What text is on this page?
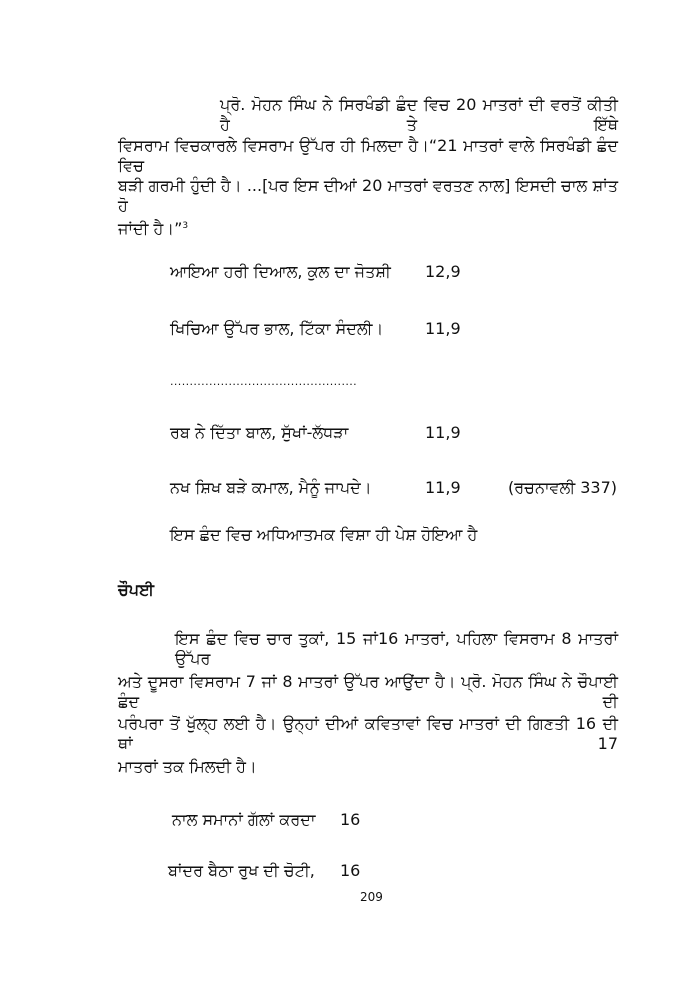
ਪ੍ਰੋ. ਮੋਹਨ ਸਿੰਘ ਨੇ ਸਿਰਖੰਡੀ ਛੰਦ ਵਿਚ 20 ਮਾਤਰਾਂ ਦੀ ਵਰਤੋਂ ਕੀਤੀ ਹੈ ਤੇ ਇੱਥੇ
ਵਿਸਰਾਮ ਵਿਚਕਾਰਲੇ ਵਿਸਰਾਮ ਉੱਪਰ ਹੀ ਮਿਲਦਾ ਹੈ।“21 ਮਾਤਰਾਂ ਵਾਲੇ ਸਿਰਖੰਡੀ ਛੰਦ ਵਿਚ
ਬੜੀ ਗਰਮੀ ਹੁੰਦੀ ਹੈ। ...[ਪਰ ਇਸ ਦੀਆਂ 20 ਮਾਤਰਾਂ ਵਰਤਣ ਨਾਲ] ਇਸਦੀ ਚਾਲ ਸ਼ਾਂਤ ਹੋ
ਜਾਂਦੀ ਹੈ।”$^3$
ਆਇਆ ਹਰੀ ਦਿਆਲ, ਕੁਲ ਦਾ ਜੋਤਸ਼ੀ 12,9
ਖਿਚਿਆ ਉੱਪਰ ਭਾਲ, ਟਿੱਕਾ ਸੰਦਲੀ।	11,9
................................................
ਰਬ ਨੇ ਦਿੱਤਾ ਬਾਲ, ਸੁੱਖਾਂ-ਲੱਧੜਾ	11,9
ਨਖ ਸ਼ਿਖ ਬੜੇ ਕਮਾਲ, ਮੈਨੂੰ ਜਾਪਦੇ।	11,9	(ਰਚਨਾਵਲੀ 337)
ਇਸ ਛੰਦ ਵਿਚ ਅਧਿਆਤਮਕ ਵਿਸ਼ਾ ਹੀ ਪੇਸ਼ ਹੋਇਆ ਹੈ
ਚੌਪਈ
ਇਸ ਛੰਦ ਵਿਚ ਚਾਰ ਤੁਕਾਂ, 15 ਜਾਂ16 ਮਾਤਰਾਂ, ਪਹਿਲਾ ਵਿਸਰਾਮ 8 ਮਾਤਰਾਂ ਉੱਪਰ
ਅਤੇ ਦੂਸਰਾ ਵਿਸਰਾਮ 7 ਜਾਂ 8 ਮਾਤਰਾਂ ਉੱਪਰ ਆਉਂਦਾ ਹੈ। ਪ੍ਰੋ. ਮੋਹਨ ਸਿੰਘ ਨੇ ਚੌਪਾਈ ਛੰਦ ਦੀ
ਪਰੰਪਰਾ ਤੋਂ ਖੁੱਲ੍ਹ ਲਈ ਹੈ। ਉਨ੍ਹਾਂ ਦੀਆਂ ਕਵਿਤਾਵਾਂ ਵਿਚ ਮਾਤਰਾਂ ਦੀ ਗਿਣਤੀ 16 ਦੀ ਥਾਂ 17
ਮਾਤਰਾਂ ਤਕ ਮਿਲਦੀ ਹੈ।
ਨਾਲ ਸਮਾਨਾਂ ਗੱਲਾਂ ਕਰਦਾ 16
ਬਾਂਦਰ ਬੈਠਾ ਰੁਖ ਦੀ ਚੋਟੀ, 16
209
